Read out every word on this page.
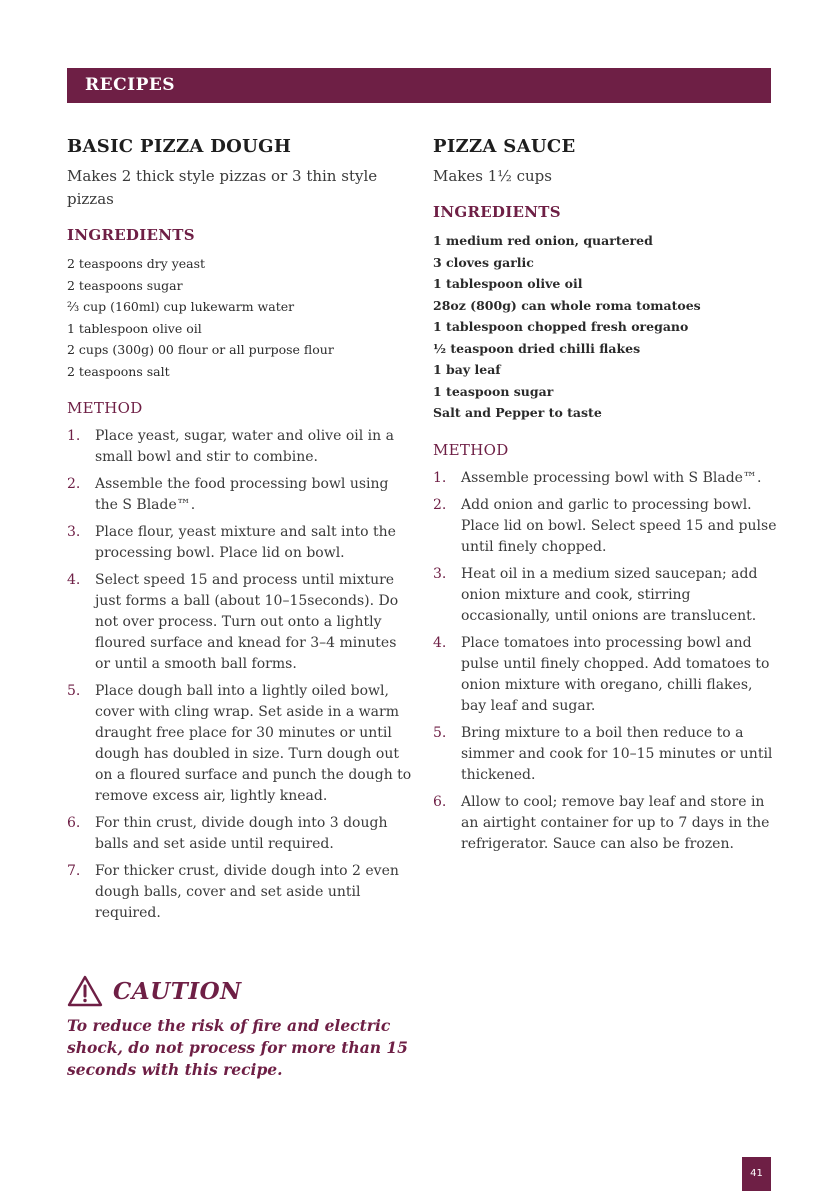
RECIPES
BASIC PIZZA DOUGH

Makes 2 thick style pizzas or 3 thin style pizzas

INGREDIENTS
2 teaspoons dry yeast
2 teaspoons sugar
²⁄₃ cup (160ml) cup lukewarm water
1 tablespoon olive oil
2 cups (300g) 00 flour or all purpose flour
2 teaspoons salt
METHOD
1. Place yeast, sugar, water and olive oil in a small bowl and stir to combine.
2. Assemble the food processing bowl using the S Blade™.
3. Place flour, yeast mixture and salt into the processing bowl. Place lid on bowl.
4. Select speed 15 and process until mixture just forms a ball (about 10–15seconds). Do not over process. Turn out onto a lightly floured surface and knead for 3–4 minutes or until a smooth ball forms.
5. Place dough ball into a lightly oiled bowl, cover with cling wrap. Set aside in a warm draught free place for 30 minutes or until dough has doubled in size. Turn dough out on a floured surface and punch the dough to remove excess air, lightly knead.
6. For thin crust, divide dough into 3 dough balls and set aside until required.
7. For thicker crust, divide dough into 2 even dough balls, cover and set aside until required.
PIZZA SAUCE

Makes 1½ cups

INGREDIENTS
1 medium red onion, quartered
3 cloves garlic
1 tablespoon olive oil
28oz (800g) can whole roma tomatoes
1 tablespoon chopped fresh oregano
½ teaspoon dried chilli flakes
1 bay leaf
1 teaspoon sugar
Salt and Pepper to taste
METHOD
1. Assemble processing bowl with S Blade™.
2. Add onion and garlic to processing bowl. Place lid on bowl. Select speed 15 and pulse until finely chopped.
3. Heat oil in a medium sized saucepan; add onion mixture and cook, stirring occasionally, until onions are translucent.
4. Place tomatoes into processing bowl and pulse until finely chopped. Add tomatoes to onion mixture with oregano, chilli flakes, bay leaf and sugar.
5. Bring mixture to a boil then reduce to a simmer and cook for 10–15 minutes or until thickened.
6. Allow to cool; remove bay leaf and store in an airtight container for up to 7 days in the refrigerator. Sauce can also be frozen.
CAUTION

To reduce the risk of fire and electric shock, do not process for more than 15 seconds with this recipe.

41
